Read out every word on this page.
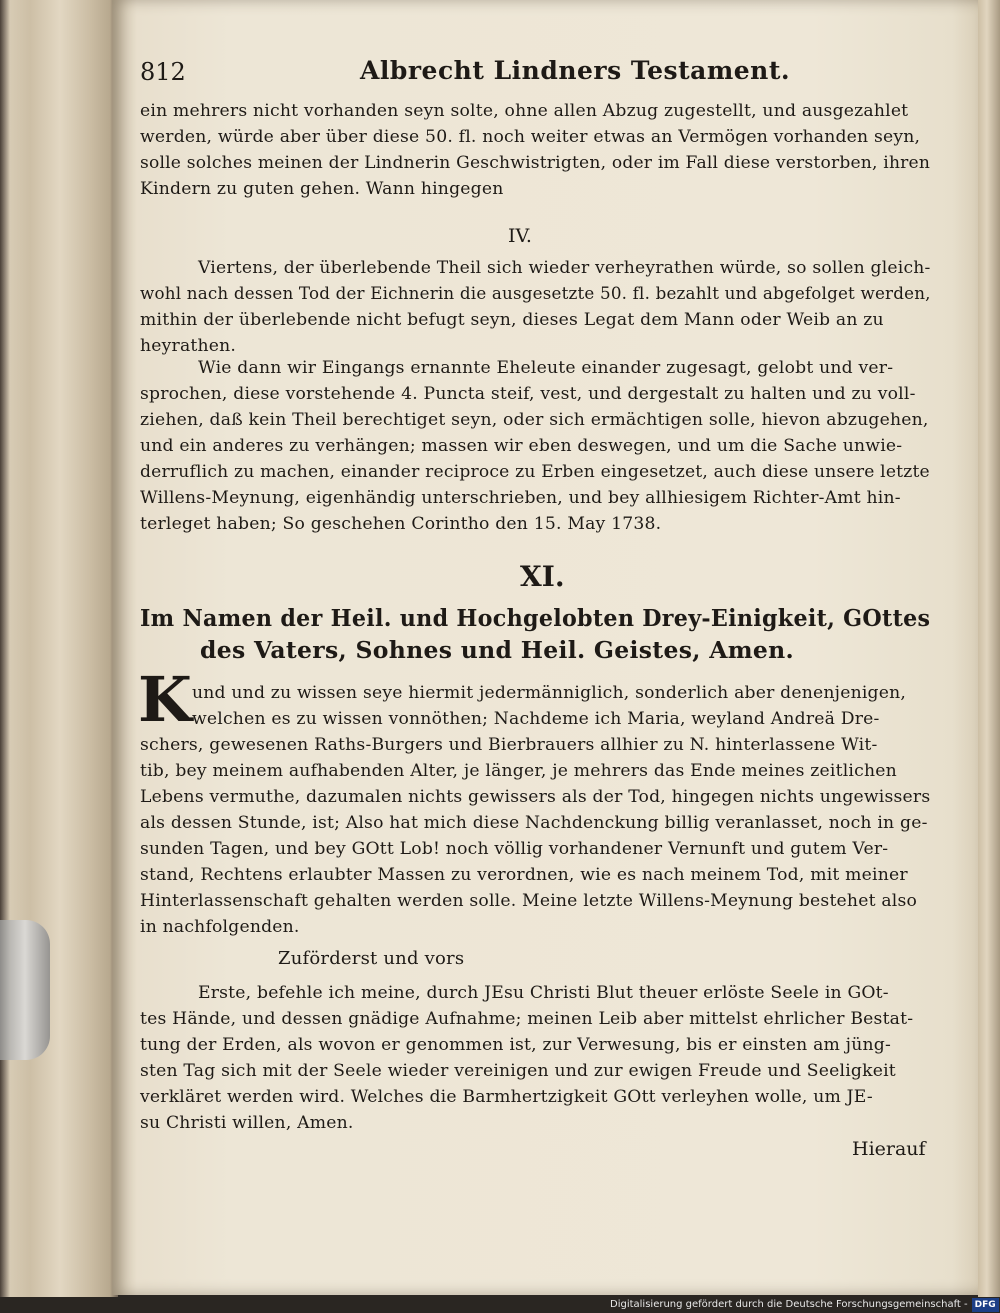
812	Albrecht Lindners Testament.
ein mehrers nicht vorhanden seyn solte, ohne allen Abzug zugestellt, und ausgezahlet
werden, würde aber über diese 50. fl. noch weiter etwas an Vermögen vorhanden seyn,
solle solches meinen der Lindnerin Geschwistrigten, oder im Fall diese verstorben, ihren
Kindern zu guten gehen. Wann hingegen
IV.
Viertens, der überlebende Theil sich wieder verheyrathen würde, so sollen gleich-
wohl nach dessen Tod der Eichnerin die ausgesetzte 50. fl. bezahlt und abgefolget werden,
mithin der überlebende nicht befugt seyn, dieses Legat dem Mann oder Weib an zu
heyrathen.
Wie dann wir Eingangs ernannte Eheleute einander zugesagt, gelobt und ver-
sprochen, diese vorstehende 4. Puncta steif, vest, und dergestalt zu halten und zu voll-
ziehen, daß kein Theil berechtiget seyn, oder sich ermächtigen solle, hievon abzugehen,
und ein anderes zu verhängen; massen wir eben deswegen, und um die Sache unwie-
derruflich zu machen, einander reciproce zu Erben eingesetzet, auch diese unsere letzte
Willens-Meynung, eigenhändig unterschrieben, und bey allhiesigem Richter-Amt hin-
terleget haben; So geschehen Corintho den 15. May 1738.
XI.
Im Namen der Heil. und Hochgelobten Drey-Einigkeit, GOttes
des Vaters, Sohnes und Heil. Geistes, Amen.
K und und zu wissen seye hiermit jedermänniglich, sonderlich aber denenjenigen,
welchen es zu wissen vonnöthen; Nachdeme ich Maria, weyland Andreä Dre-
schers, gewesenen Raths-Burgers und Bierbrauers allhier zu N. hinterlassene Wit-
tib, bey meinem aufhabenden Alter, je länger, je mehrers das Ende meines zeitlichen
Lebens vermuthe, dazumalen nichts gewissers als der Tod, hingegen nichts ungewissers
als dessen Stunde, ist; Also hat mich diese Nachdenckung billig veranlasset, noch in ge-
sunden Tagen, und bey GOtt Lob! noch völlig vorhandener Vernunft und gutem Ver-
stand, Rechtens erlaubter Massen zu verordnen, wie es nach meinem Tod, mit meiner
Hinterlassenschaft gehalten werden solle. Meine letzte Willens-Meynung bestehet also
in nachfolgenden.
Zuförderst und vors
Erste, befehle ich meine, durch JEsu Christi Blut theuer erlöste Seele in GOt-
tes Hände, und dessen gnädige Aufnahme; meinen Leib aber mittelst ehrlicher Bestat-
tung der Erden, als wovon er genommen ist, zur Verwesung, bis er einsten am jüng-
sten Tag sich mit der Seele wieder vereinigen und zur ewigen Freude und Seeligkeit
verkläret werden wird. Welches die Barmhertzigkeit GOtt verleyhen wolle, um JE-
su Christi willen, Amen.
Hierauf
Digitalisierung gefördert durch die Deutsche Forschungsgemeinschaft - DFG
